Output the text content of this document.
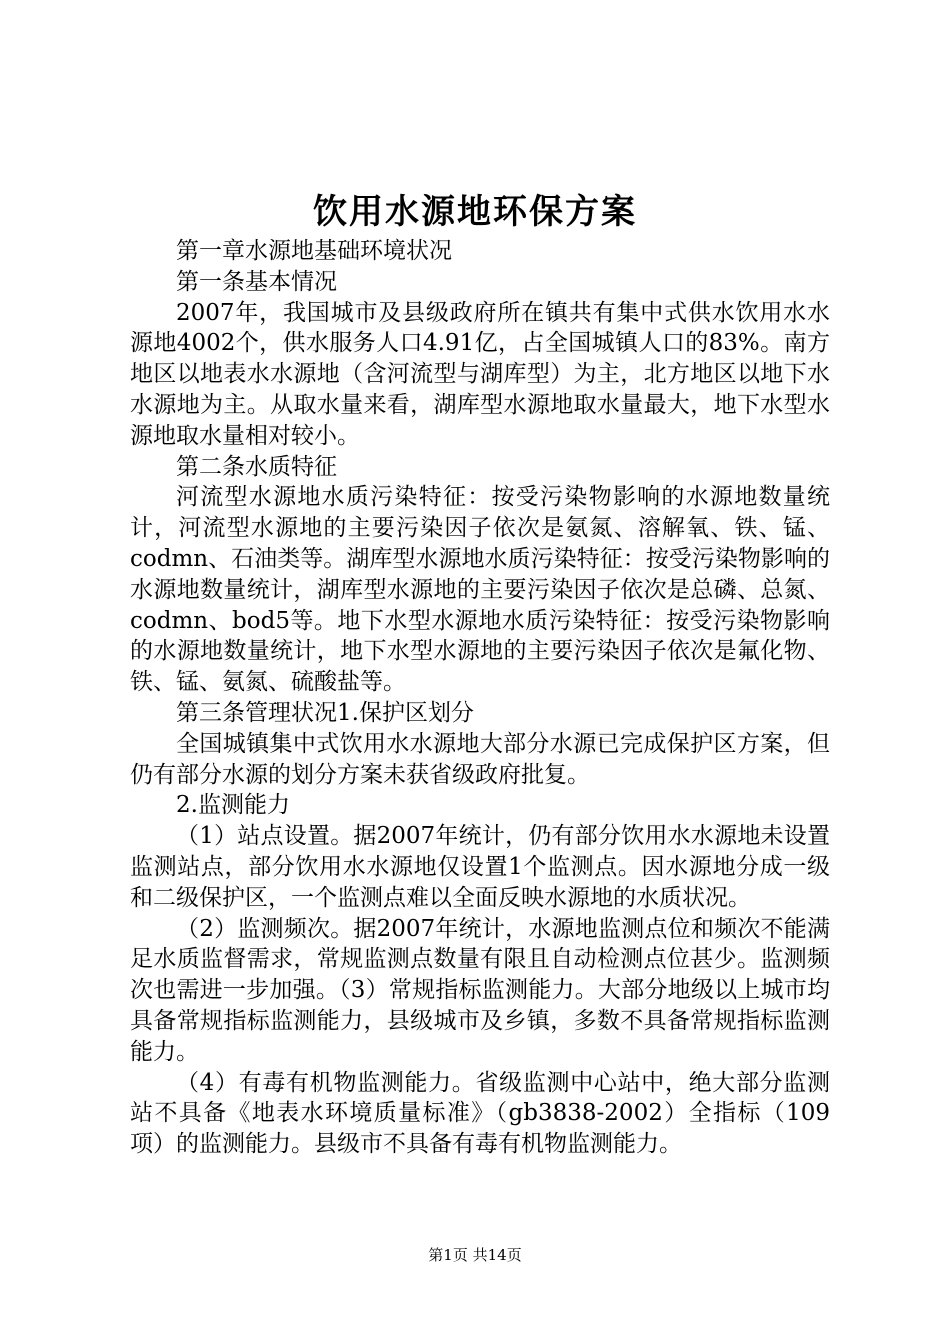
饮用水源地环保方案

第一章水源地基础环境状况

第一条基本情况

2007年，我国城市及县级政府所在镇共有集中式供水饮用水水源地4002个，供水服务人口4.91亿，占全国城镇人口的83%。南方地区以地表水水源地（含河流型与湖库型）为主，北方地区以地下水水源地为主。从取水量来看，湖库型水源地取水量最大，地下水型水源地取水量相对较小。

第二条水质特征

河流型水源地水质污染特征：按受污染物影响的水源地数量统计，河流型水源地的主要污染因子依次是氨氮、溶解氧、铁、锰、codmn、石油类等。湖库型水源地水质污染特征：按受污染物影响的水源地数量统计，湖库型水源地的主要污染因子依次是总磷、总氮、codmn、bod5等。地下水型水源地水质污染特征：按受污染物影响的水源地数量统计，地下水型水源地的主要污染因子依次是氟化物、铁、锰、氨氮、硫酸盐等。

第三条管理状况1.保护区划分

全国城镇集中式饮用水水源地大部分水源已完成保护区方案，但仍有部分水源的划分方案未获省级政府批复。

2.监测能力

（1）站点设置。据2007年统计，仍有部分饮用水水源地未设置监测站点，部分饮用水水源地仅设置1个监测点。因水源地分成一级和二级保护区，一个监测点难以全面反映水源地的水质状况。

（2）监测频次。据2007年统计，水源地监测点位和频次不能满足水质监督需求，常规监测点数量有限且自动检测点位甚少。监测频次也需进一步加强。（3）常规指标监测能力。大部分地级以上城市均具备常规指标监测能力，县级城市及乡镇，多数不具备常规指标监测能力。

（4）有毒有机物监测能力。省级监测中心站中，绝大部分监测站不具备《地表水环境质量标准》（gb3838-2002）全指标（109项）的监测能力。县级市不具备有毒有机物监测能力。

第1页 共14页
